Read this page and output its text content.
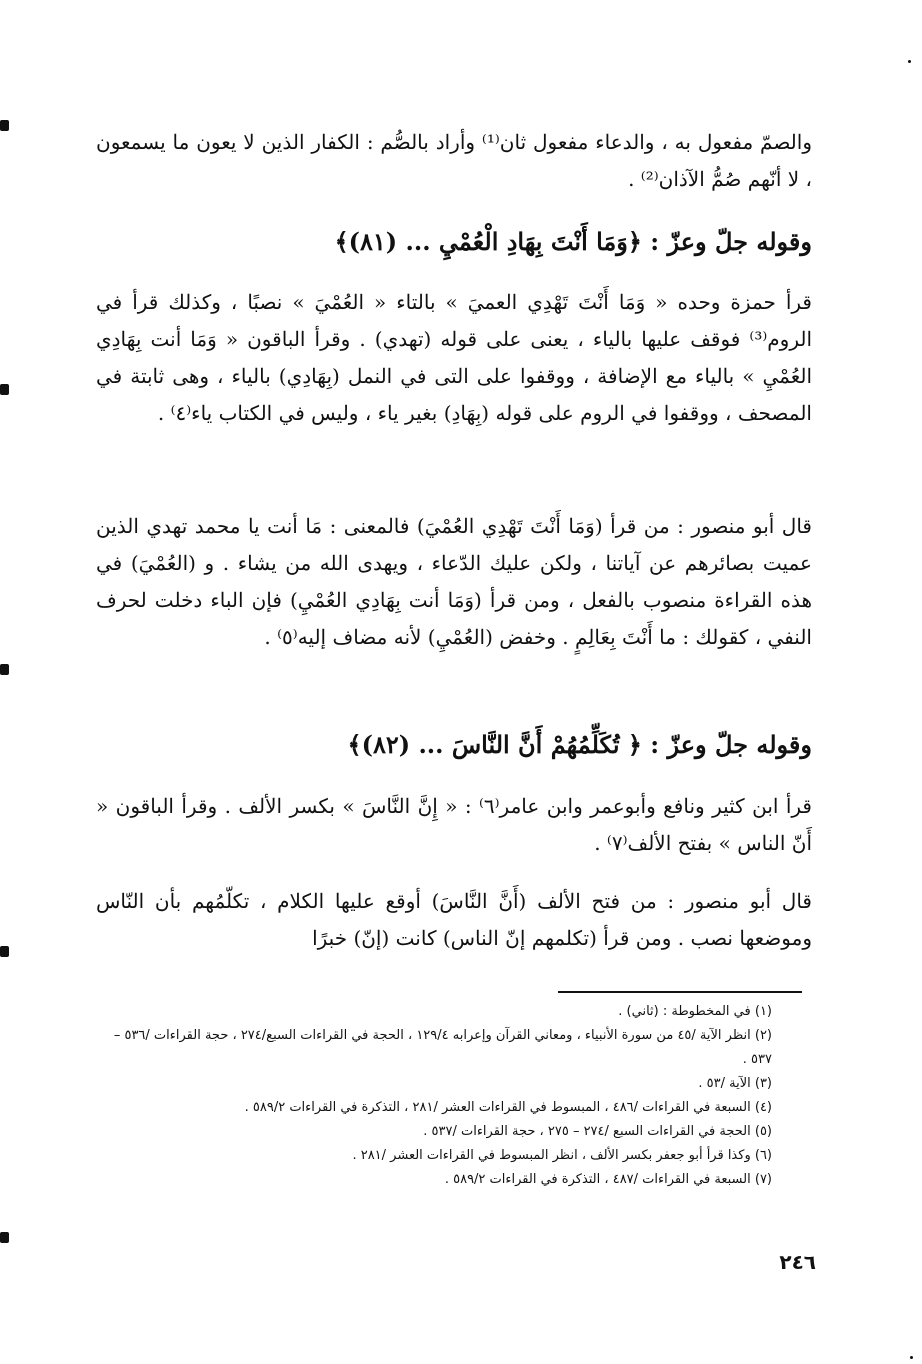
والصمّ مفعول به ، والدعاء مفعول ثان⁽¹⁾ وأراد بالصُّم : الكفار الذين لا يعون ما يسمعون ، لا أنّهم صُمُّ الآذان⁽²⁾ .

وقوله جلّ وعزّ : ﴿وَمَا أَنْتَ بِهَادِ الْعُمْيِ ... (٨١)﴾

قرأ حمزة وحده « وَمَا أَنْتَ تَهْدِي العميَ » بالتاء « العُمْيَ » نصبًا ، وكذلك قرأ في الروم⁽³⁾ فوقف عليها بالياء ، يعنى على قوله (تهدي) . وقرأ الباقون « وَمَا أنت بِهَادِي العُمْيِ » بالياء مع الإضافة ، ووقفوا على التى في النمل (بِهَادِي) بالياء ، وهى ثابتة في المصحف ، ووقفوا في الروم على قوله (بِهَادِ) بغير ياء ، وليس في الكتاب ياء⁽٤⁾ .

قال أبو منصور : من قرأ (وَمَا أَنْتَ تَهْدِي العُمْيَ) فالمعنى : مَا أنت يا محمد تهدي الذين عميت بصائرهم عن آياتنا ، ولكن عليك الدّعاء ، ويهدى الله من يشاء . و (العُمْيَ) في هذه القراءة منصوب بالفعل ، ومن قرأ (وَمَا أنت بِهَادِي العُمْيِ) فإن الباء دخلت لحرف النفي ، كقولك : ما أَنْتَ بِعَالِمٍ . وخفض (العُمْيِ) لأنه مضاف إليه⁽٥⁾ .

وقوله جلّ وعزّ : ﴿ تُكَلِّمُهُمْ أَنَّ النَّاسَ ... (٨٢)﴾

قرأ ابن كثير ونافع وأبوعمر وابن عامر⁽٦⁾ : « إِنَّ النَّاسَ » بكسر الألف . وقرأ الباقون « أَنّ الناس » بفتح الألف⁽٧⁾ .

قال أبو منصور : من فتح الألف (أَنَّ النَّاسَ) أوقع عليها الكلام ، تكلّمُهم بأن النّاس وموضعها نصب . ومن قرأ (تكلمهم إنّ الناس) كانت (إنّ) خبرًا

(١) في المخطوطة : (ثاني) .
(٢) انظر الآية /٤٥ من سورة الأنبياء ، ومعاني القرآن وإعرابه ١٢٩/٤ ، الحجة في القراءات السبع/٢٧٤ ، حجة القراءات /٥٣٦ – ٥٣٧ .
(٣) الآية /٥٣ .
(٤) السبعة في القراءات /٤٨٦ ، المبسوط في القراءات العشر /٢٨١ ، التذكرة في القراءات ٥٨٩/٢ .
(٥) الحجة في القراءات السبع /٢٧٤ – ٢٧٥ ، حجة القراءات /٥٣٧ .
(٦) وكذا قرأ أبو جعفر بكسر الألف ، انظر المبسوط في القراءات العشر /٢٨١ .
(٧) السبعة في القراءات /٤٨٧ ، التذكرة في القراءات ٥٨٩/٢ .
٢٤٦
